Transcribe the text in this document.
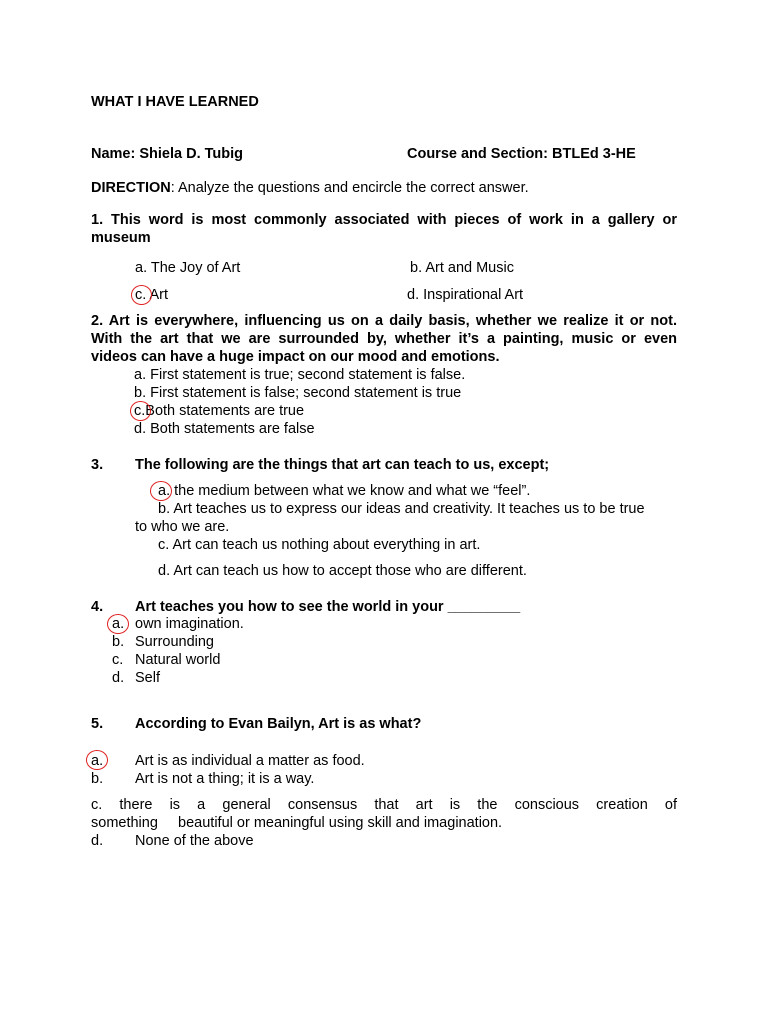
WHAT I HAVE LEARNED
Name: Shiela D. Tubig	Course and Section: BTLEd 3-HE
DIRECTION: Analyze the questions and encircle the correct answer.
1. This word is most commonly associated with pieces of work in a gallery or
museum
a. The Joy of Art	b. Art and Music
c. Art	d. Inspirational Art
2. Art is everywhere, influencing us on a daily basis, whether we realize it or not.
With the art that we are surrounded by, whether it’s a painting, music or even
videos can have a huge impact on our mood and emotions.
a. First statement is true; second statement is false.
b. First statement is false; second statement is true
c.Both statements are true
d. Both statements are false
3. The following are the things that art can teach to us, except;
a. the medium between what we know and what we “feel”.
b. Art teaches us to express our ideas and creativity. It teaches us to be true
to who we are.
c. Art can teach us nothing about everything in art.
d. Art can teach us how to accept those who are different.
4. Art teaches you how to see the world in your _________
a. own imagination.
b. Surrounding
c. Natural world
d. Self
5. According to Evan Bailyn, Art is as what?
a. Art is as individual a matter as food.
b. Art is not a thing; it is a way.
c. there is a general consensus that art is the conscious creation of
something     beautiful or meaningful using skill and imagination.
d. None of the above
